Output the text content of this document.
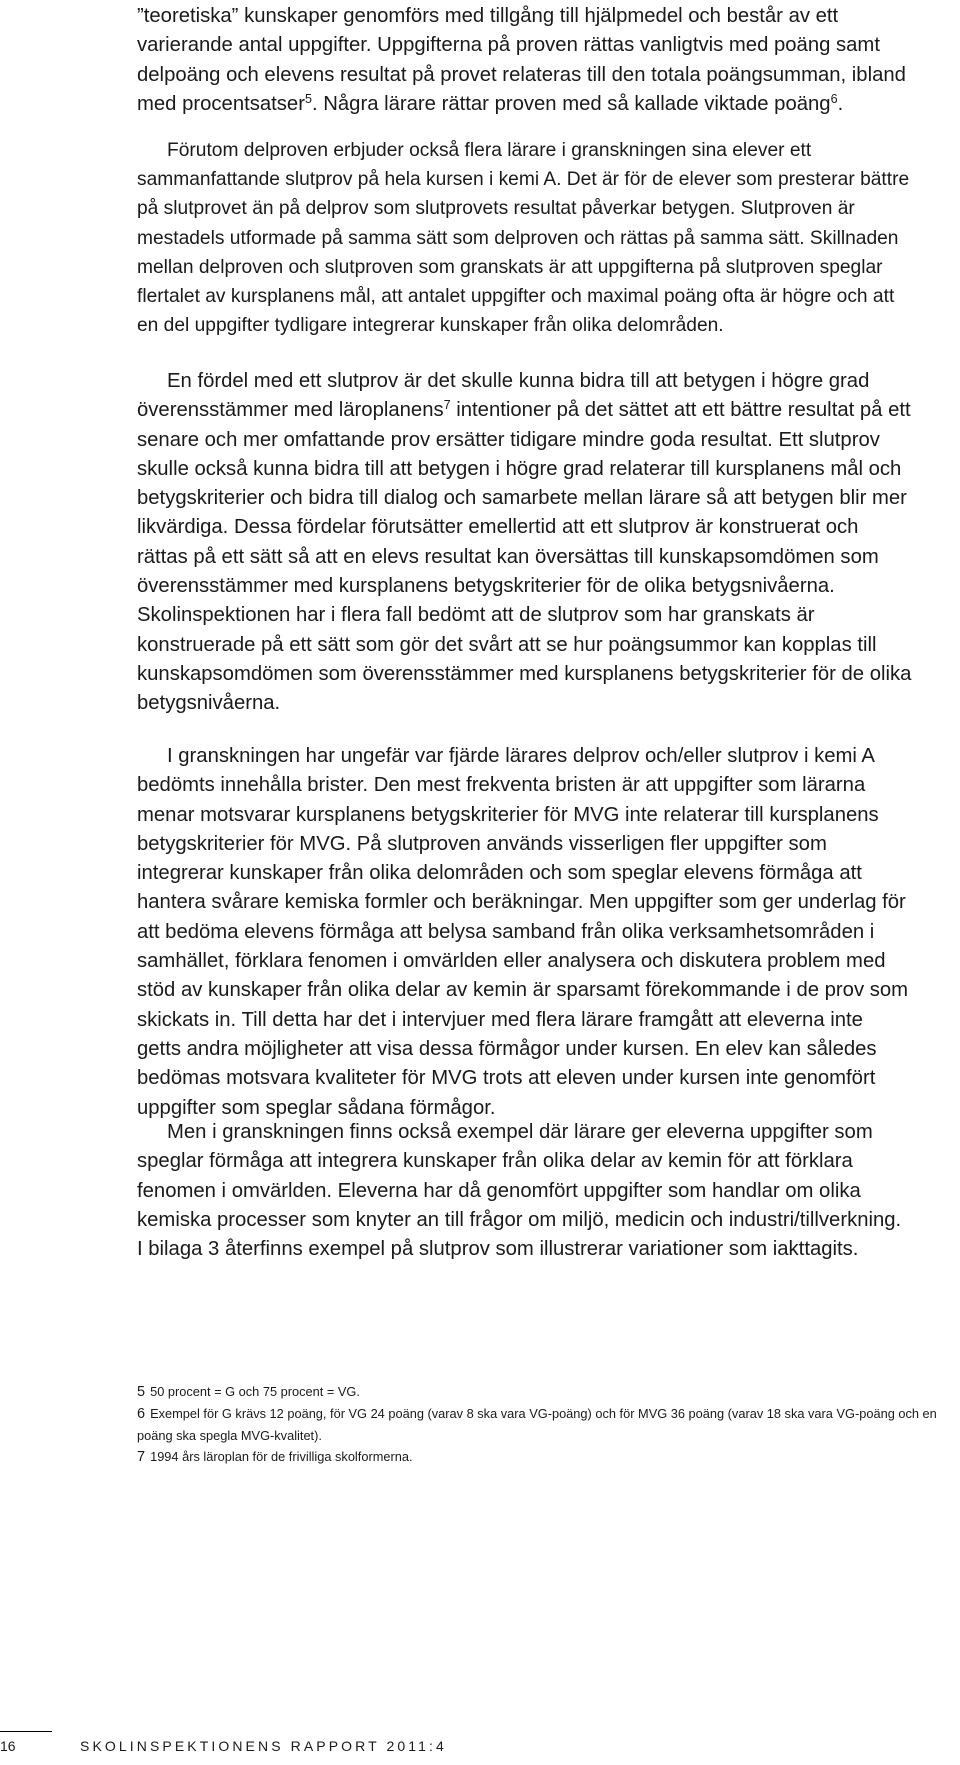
”teoretiska” kunskaper genomförs med tillgång till hjälpmedel och består av ett varierande antal uppgifter. Uppgifterna på proven rättas vanligtvis med poäng samt delpoäng och elevens resultat på provet relateras till den totala poängsumman, ibland med procentsatser$^5$. Några lärare rättar proven med så kallade viktade poäng$^6$.

Förutom delproven erbjuder också flera lärare i granskningen sina elever ett sammanfattande slutprov på hela kursen i kemi A. Det är för de elever som presterar bättre på slutprovet än på delprov som slutprovets resultat påverkar betygen. Slutproven är mestadels utformade på samma sätt som delproven och rättas på samma sätt. Skillnaden mellan delproven och slutproven som granskats är att uppgifterna på slutproven speglar flertalet av kursplanens mål, att antalet uppgifter och maximal poäng ofta är högre och att en del uppgifter tydligare integrerar kunskaper från olika delområden.

En fördel med ett slutprov är det skulle kunna bidra till att betygen i högre grad överensstämmer med läroplanens$^7$ intentioner på det sättet att ett bättre resultat på ett senare och mer omfattande prov ersätter tidigare mindre goda resultat. Ett slutprov skulle också kunna bidra till att betygen i högre grad relaterar till kursplanens mål och betygskriterier och bidra till dialog och samarbete mellan lärare så att betygen blir mer likvärdiga. Dessa fördelar förutsätter emellertid att ett slutprov är konstruerat och rättas på ett sätt så att en elevs resultat kan översättas till kunskapsomdömen som överensstämmer med kursplanens betygskriterier för de olika betygsnivåerna. Skolinspektionen har i flera fall bedömt att de slutprov som har granskats är konstruerade på ett sätt som gör det svårt att se hur poängsummor kan kopplas till kunskapsomdömen som överensstämmer med kursplanens betygskriterier för de olika betygsnivåerna.

I granskningen har ungefär var fjärde lärares delprov och/eller slutprov i kemi A bedömts innehålla brister. Den mest frekventa bristen är att uppgifter som lärarna menar motsvarar kursplanens betygskriterier för MVG inte relaterar till kursplanens betygskriterier för MVG. På slutproven används visserligen fler uppgifter som integrerar kunskaper från olika delområden och som speglar elevens förmåga att hantera svårare kemiska formler och beräkningar. Men uppgifter som ger underlag för att bedöma elevens förmåga att belysa samband från olika verksamhetsområden i samhället, förklara fenomen i omvärlden eller analysera och diskutera problem med stöd av kunskaper från olika delar av kemin är sparsamt förekommande i de prov som skickats in. Till detta har det i intervjuer med flera lärare framgått att eleverna inte getts andra möjligheter att visa dessa förmågor under kursen. En elev kan således bedömas motsvara kvaliteter för MVG trots att eleven under kursen inte genomfört uppgifter som speglar sådana förmågor.

Men i granskningen finns också exempel där lärare ger eleverna uppgifter som speglar förmåga att integrera kunskaper från olika delar av kemin för att förklara fenomen i omvärlden. Eleverna har då genomfört uppgifter som handlar om olika kemiska processer som knyter an till frågor om miljö, medicin och industri/tillverkning. I bilaga 3 återfinns exempel på slutprov som illustrerar variationer som iakttagits.

5 50 procent = G och 75 procent = VG.

6 Exempel för G krävs 12 poäng, för VG 24 poäng (varav 8 ska vara VG-poäng) och för MVG 36 poäng (varav 18 ska vara VG-poäng och en poäng ska spegla MVG-kvalitet).

7 1994 års läroplan för de frivilliga skolformerna.

16	SKOLINSPEKTIONENS RAPPORT 2011:4
